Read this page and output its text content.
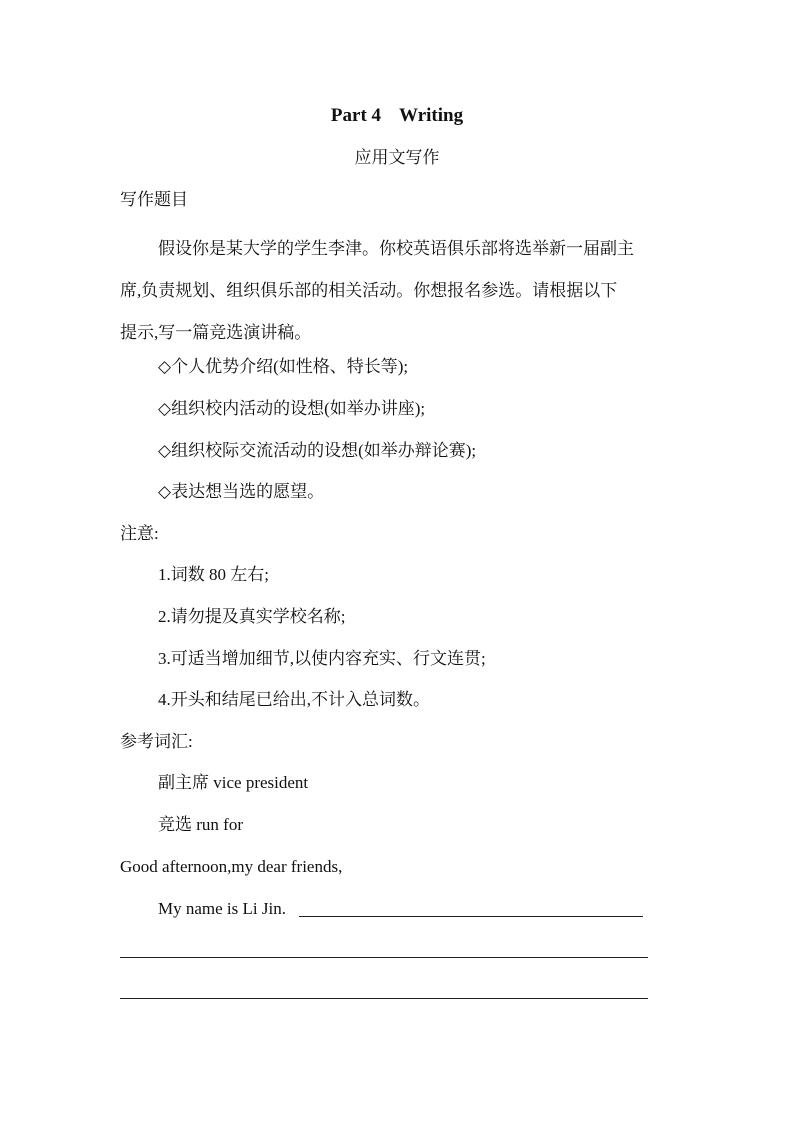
Part 4 Writing
应用文写作
写作题目
假设你是某大学的学生李津。你校英语俱乐部将选举新一届副主
席,负责规划、组织俱乐部的相关活动。你想报名参选。请根据以下
提示,写一篇竞选演讲稿。
◇个人优势介绍(如性格、特长等);
◇组织校内活动的设想(如举办讲座);
◇组织校际交流活动的设想(如举办辩论赛);
◇表达想当选的愿望。
注意:
1.词数 80 左右;
2.请勿提及真实学校名称;
3.可适当增加细节,以使内容充实、行文连贯;
4.开头和结尾已给出,不计入总词数。
参考词汇:
副主席 vice president
竞选 run for
Good afternoon,my dear friends,
My name is Li Jin.
